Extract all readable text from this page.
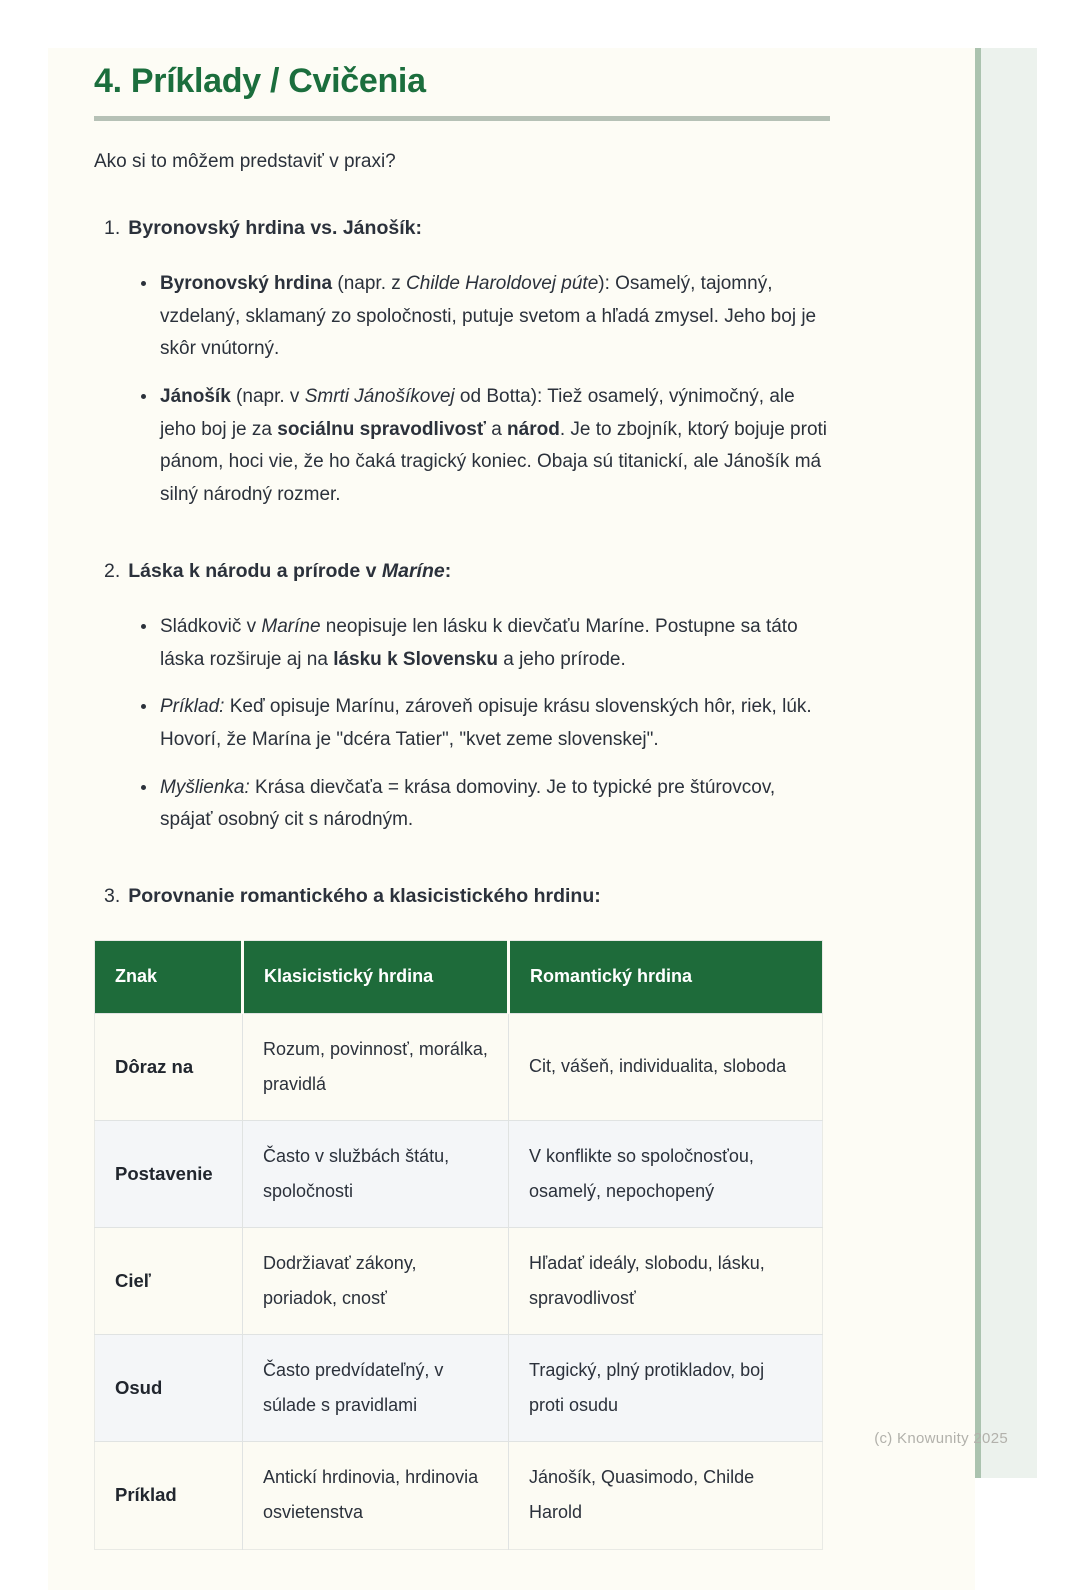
4. Príklady / Cvičenia

Ako si to môžem predstaviť v praxi?

1. Byronovský hrdina vs. Jánošík:
• Byronovský hrdina (napr. z Childe Haroldovej púte): Osamelý, tajomný, vzdelaný, sklamaný zo spoločnosti, putuje svetom a hľadá zmysel. Jeho boj je skôr vnútorný.
• Jánošík (napr. v Smrti Jánošíkovej od Botta): Tiež osamelý, výnimočný, ale jeho boj je za sociálnu spravodlivosť a národ. Je to zbojník, ktorý bojuje proti pánom, hoci vie, že ho čaká tragický koniec. Obaja sú titanickí, ale Jánošík má silný národný rozmer.
2. Láska k národu a prírode v Maríne:
• Sládkovič v Maríne neopisuje len lásku k dievčaťu Maríne. Postupne sa táto láska rozširuje aj na lásku k Slovensku a jeho prírode.
• Príklad: Keď opisuje Marínu, zároveň opisuje krásu slovenských hôr, riek, lúk. Hovorí, že Marína je "dcéra Tatier", "kvet zeme slovenskej".
• Myšlienka: Krása dievčaťa = krása domoviny. Je to typické pre štúrovcov, spájať osobný cit s národným.
3. Porovnanie romantického a klasicistického hrdinu:
Znak	Klasicistický hrdina	Romantický hrdina
Dôraz na	Rozum, povinnosť, morálka, pravidlá	Cit, vášeň, individualita, sloboda
Postavenie	Často v službách štátu, spoločnosti	V konflikte so spoločnosťou, osamelý, nepochopený
Cieľ	Dodržiavať zákony, poriadok, cnosť	Hľadať ideály, slobodu, lásku, spravodlivosť
Osud	Často predvídateľný, v súlade s pravidlami	Tragický, plný protikladov, boj proti osudu
Príklad	Antickí hrdinovia, hrdinovia osvietenstva	Jánošík, Quasimodo, Childe Harold
(c) Knowunity 2025
